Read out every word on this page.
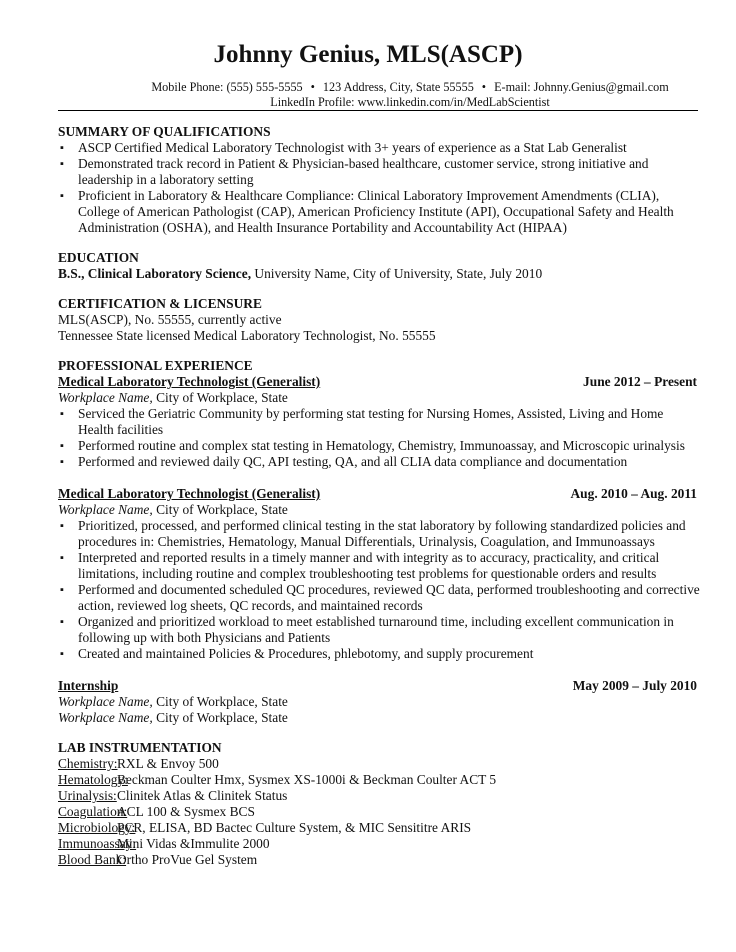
Johnny Genius, MLS(ASCP)
Mobile Phone: (555) 555-5555 • 123 Address, City, State 55555 • E-mail: Johnny.Genius@gmail.com
LinkedIn Profile: www.linkedin.com/in/MedLabScientist
SUMMARY OF QUALIFICATIONS
▪ ASCP Certified Medical Laboratory Technologist with 3+ years of experience as a Stat Lab Generalist
▪ Demonstrated track record in Patient & Physician-based healthcare, customer service, strong initiative and
leadership in a laboratory setting
▪ Proficient in Laboratory & Healthcare Compliance: Clinical Laboratory Improvement Amendments (CLIA),
College of American Pathologist (CAP), American Proficiency Institute (API), Occupational Safety and Health
Administration (OSHA), and Health Insurance Portability and Accountability Act (HIPAA)
EDUCATION
B.S., Clinical Laboratory Science, University Name, City of University, State, July 2010
CERTIFICATION & LICENSURE
MLS(ASCP), No. 55555, currently active
Tennessee State licensed Medical Laboratory Technologist, No. 55555
PROFESSIONAL EXPERIENCE
Medical Laboratory Technologist (Generalist)	June 2012 – Present
Workplace Name, City of Workplace, State
▪ Serviced the Geriatric Community by performing stat testing for Nursing Homes, Assisted, Living and Home
Health facilities
▪ Performed routine and complex stat testing in Hematology, Chemistry, Immunoassay, and Microscopic urinalysis
▪ Performed and reviewed daily QC, API testing, QA, and all CLIA data compliance and documentation
Medical Laboratory Technologist (Generalist)	Aug. 2010 – Aug. 2011
Workplace Name, City of Workplace, State
▪ Prioritized, processed, and performed clinical testing in the stat laboratory by following standardized policies and
procedures in: Chemistries, Hematology, Manual Differentials, Urinalysis, Coagulation, and Immunoassays
▪ Interpreted and reported results in a timely manner and with integrity as to accuracy, practicality, and critical
limitations, including routine and complex troubleshooting test problems for questionable orders and results
▪ Performed and documented scheduled QC procedures, reviewed QC data, performed troubleshooting and corrective
action, reviewed log sheets, QC records, and maintained records
▪ Organized and prioritized workload to meet established turnaround time, including excellent communication in
following up with both Physicians and Patients
▪ Created and maintained Policies & Procedures, phlebotomy, and supply procurement
Internship	May 2009 – July 2010
Workplace Name, City of Workplace, State
Workplace Name, City of Workplace, State
LAB INSTRUMENTATION
Chemistry: RXL & Envoy 500
Hematology:
Beckman Coulter Hmx, Sysmex XS-1000i & Beckman Coulter ACT 5
Urinalysis: Clinitek Atlas & Clinitek Status
Coagulation:
ACL 100 & Sysmex BCS
Microbiology:
PCR, ELISA, BD Bactec Culture System, & MIC Sensititre ARIS
Immunoassay:
Mini Vidas &Immulite 2000
Blood Bank:
Ortho ProVue Gel System
